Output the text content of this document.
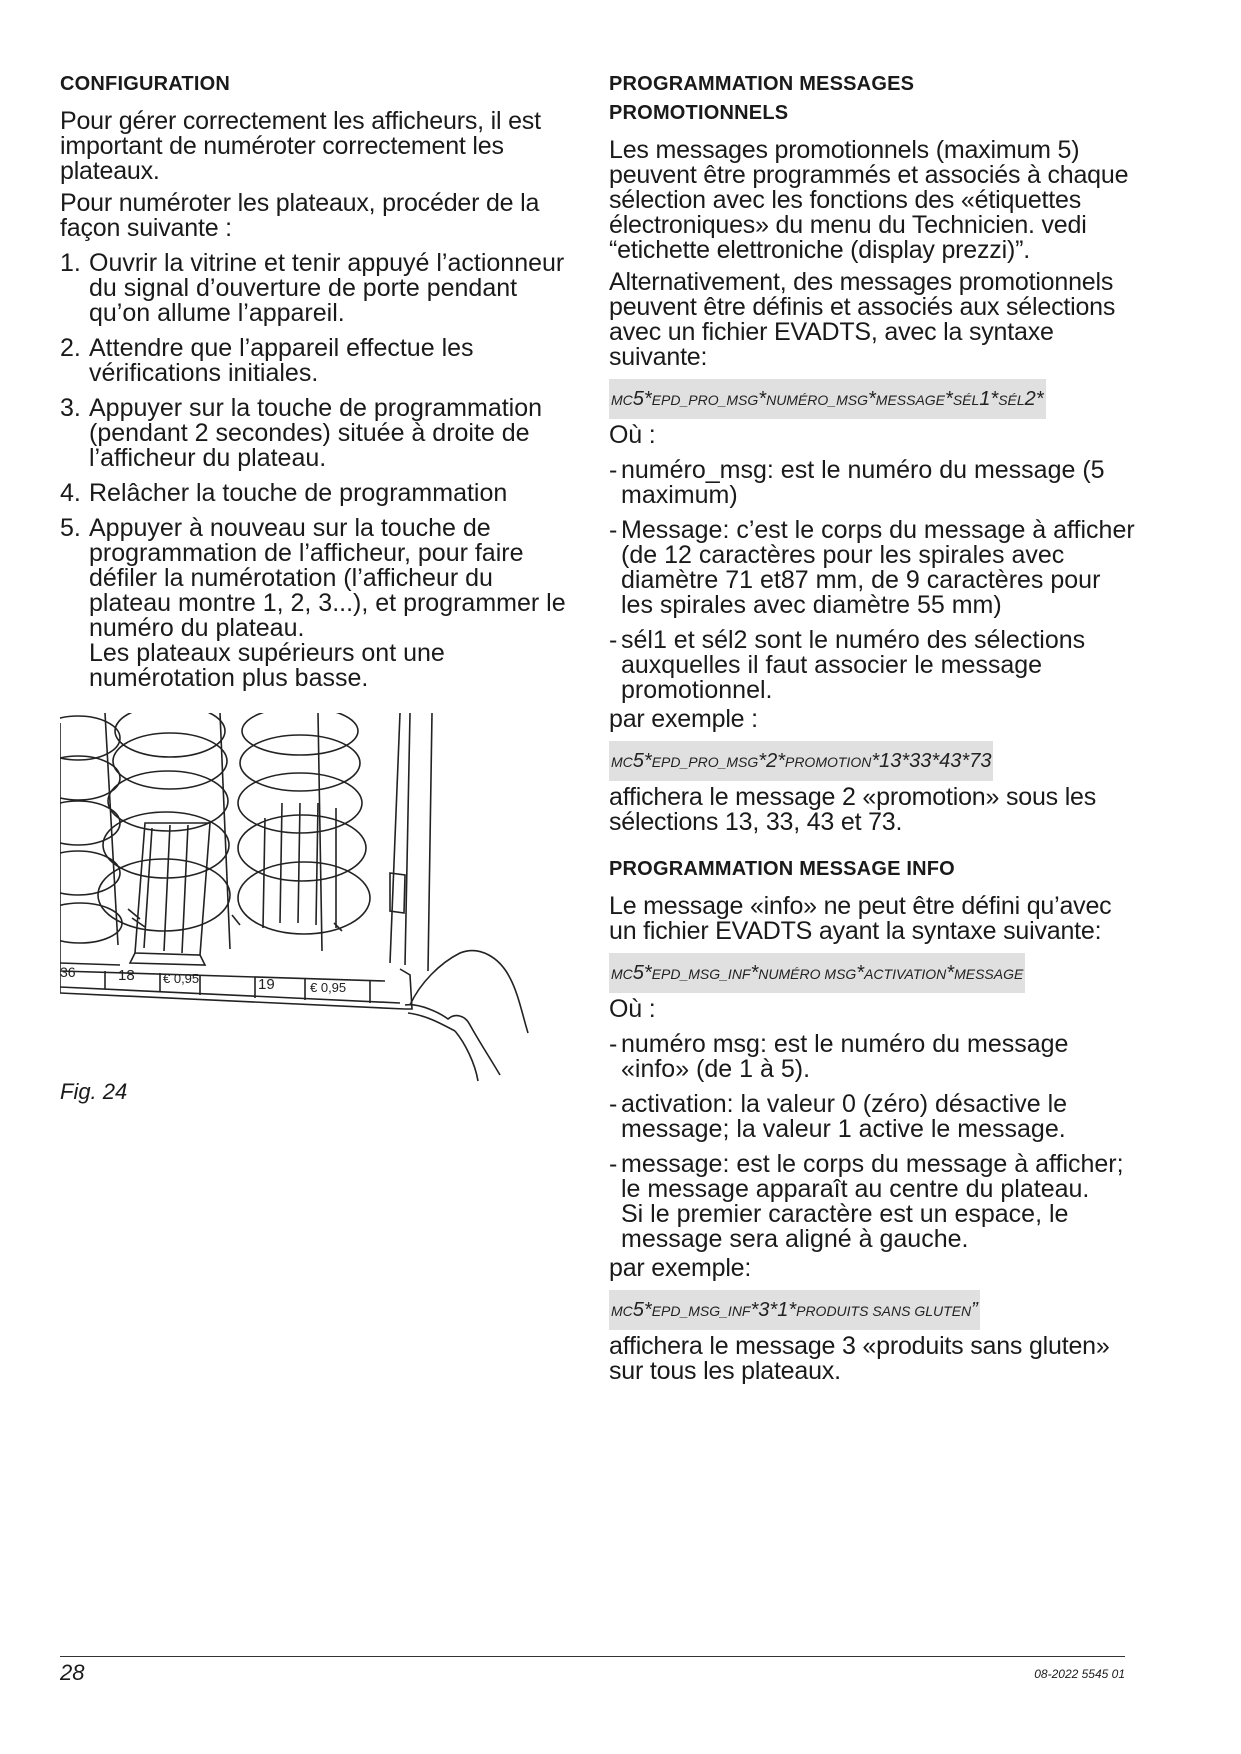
CONFIGURATION

Pour gérer correctement les afficheurs, il est important de numéroter correctement les plateaux.

Pour numéroter les plateaux, procéder de la façon suivante :

1. Ouvrir la vitrine et tenir appuyé l’actionneur du signal d’ouverture de porte pendant qu’on allume l’appareil.
2. Attendre que l’appareil effectue les vérifications initiales.
3. Appuyer sur la touche de programmation (pendant 2 secondes) située à droite de l’afficheur du plateau.
4. Relâcher la touche de programmation
5. Appuyer à nouveau sur la touche de programmation de l’afficheur, pour faire défiler la numérotation (l’afficheur du plateau montre 1, 2, 3...), et programmer le numéro du plateau.
Les plateaux supérieurs ont une numérotation plus basse.
36	18 € 0,95	19	€ 0,95
Fig. 24
PROGRAMMATION MESSAGES PROMOTIONNELS

Les messages promotionnels (maximum 5) peuvent être programmés et associés à chaque sélection avec les fonctions des «étiquettes électroniques» du menu du Technicien. vedi “etichette elettroniche (display prezzi)”.

Alternativement, des messages promotionnels peuvent être définis et associés aux sélections avec un fichier EVADTS, avec la syntaxe suivante:

MC5*EPD_PRO_MSG*NUMÉRO_MSG*MESSAGE*SÉL1*SÉL2*

Où :

- numéro_msg: est le numéro du message (5 maximum)
- Message: c’est le corps du message à afficher (de 12 caractères pour les spirales avec diamètre 71 et87 mm, de 9 caractères pour les spirales avec diamètre 55 mm)
- sél1 et sél2 sont le numéro des sélections auxquelles il faut associer le message promotionnel.

par exemple :

MC5*EPD_PRO_MSG*2*PROMOTION*13*33*43*73

affichera le message 2 «promotion» sous les sélections 13, 33, 43 et 73.

PROGRAMMATION MESSAGE INFO

Le message «info» ne peut être défini qu’avec un fichier EVADTS ayant la syntaxe suivante:

MC5*EPD_MSG_INF*NUMÉRO MSG*ACTIVATION*MESSAGE

Où :

- numéro msg: est le numéro du message «info» (de 1 à 5).
- activation: la valeur 0 (zéro) désactive le message; la valeur 1 active le message.
- message: est le corps du message à afficher; le message apparaît au centre du plateau.
Si le premier caractère est un espace, le message sera aligné à gauche.

par exemple:

MC5*EPD_MSG_INF*3*1*PRODUITS SANS GLUTEN”

affichera le message 3 «produits sans gluten» sur tous les plateaux.

28	08-2022 5545 01
